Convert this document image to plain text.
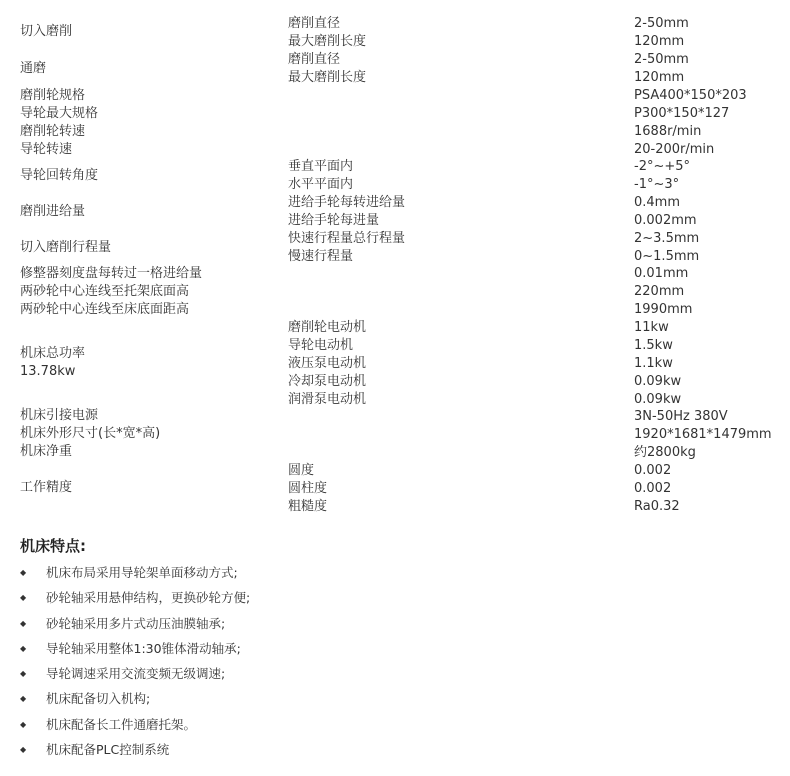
切入磨削
通磨
磨削轮规格
导轮最大规格
磨削轮转速
导轮转速
导轮回转角度
磨削进给量
切入磨削行程量
修整器刻度盘每转过一格进给量
两砂轮中心连线至托架底面高
两砂轮中心连线至床底面距高
机床总功率
13.78kw
机床引接电源
机床外形尺寸(长*宽*高)
机床净重
工作精度
磨削直径
最大磨削长度
磨削直径
最大磨削长度
垂直平面内
水平平面内
进给手轮每转进给量
进给手轮每进量
快速行程量总行程量
慢速行程量
磨削轮电动机
导轮电动机
液压泵电动机
冷却泵电动机
润滑泵电动机
圆度
圆柱度
粗糙度
2-50mm
120mm
2-50mm
120mm
PSA400*150*203
P300*150*127
1688r/min
20-200r/min
-2°~+5°
-1°~3°
0.4mm
0.002mm
2~3.5mm
0~1.5mm
0.01mm
220mm
1990mm
11kw
1.5kw
1.1kw
0.09kw
0.09kw
3N-50Hz 380V
1920*1681*1479mm
约2800kg
0.002
0.002
Ra0.32
机床特点:
◆ 机床布局采用导轮架单面移动方式;
◆ 砂轮轴采用悬伸结构，更换砂轮方便;
◆ 砂轮轴采用多片式动压油膜轴承;
◆ 导轮轴采用整体1:30锥体滑动轴承;
◆ 导轮调速采用交流变频无级调速;
◆ 机床配备切入机构;
◆ 机床配备长工件通磨托架。
◆ 机床配备PLC控制系统
